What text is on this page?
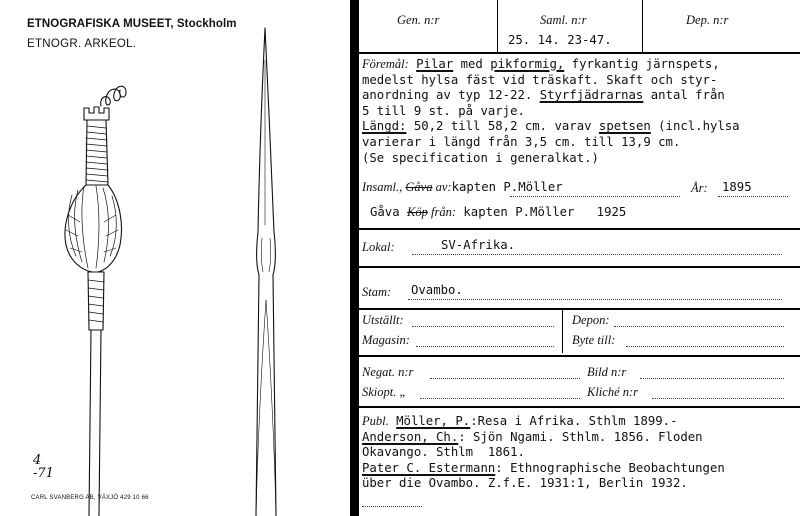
ETNOGRAFISKA MUSEET, Stockholm
ETNOGR. ARKEOL.
4
-71
CARL SVANBERG AB, VÄXJÖ 429 10 66
Gen. n:r	Saml. n:r	Dep. n:r
25. 14. 23-47.
Föremål: Pilar med pikformig, fyrkantig järnspets,
medelst hylsa fäst vid träskaft. Skaft och styr-
anordning av typ 12-22. Styrfjädrarnas antal från
5 till 9 st. på varje.
Längd: 50,2 till 58,2 cm. varav spetsen (incl.hylsa
varierar i längd från 3,5 cm. till 13,9 cm.
(Se specification i generalkat.)
Insaml., Gåva av:kapten P.Möller	År: 1895
Gåva Köp från: kapten P.Möller   1925
Lokal:	SV-Afrika.
Stam: Ovambo.
Utställt:	Depon:
Magasin:	Byte till:
Negat. n:r	Bild n:r
Skiopt. „	Kliché n:r
Publ. Möller, P.:Resa i Afrika. Sthlm 1899.-
Anderson, Ch.: Sjön Ngami. Sthlm. 1856. Floden
Okavango. Sthlm  1861.
Pater C. Estermann: Ethnographische Beobachtungen
über die Ovambo. Z.f.E. 1931:1, Berlin 1932.
